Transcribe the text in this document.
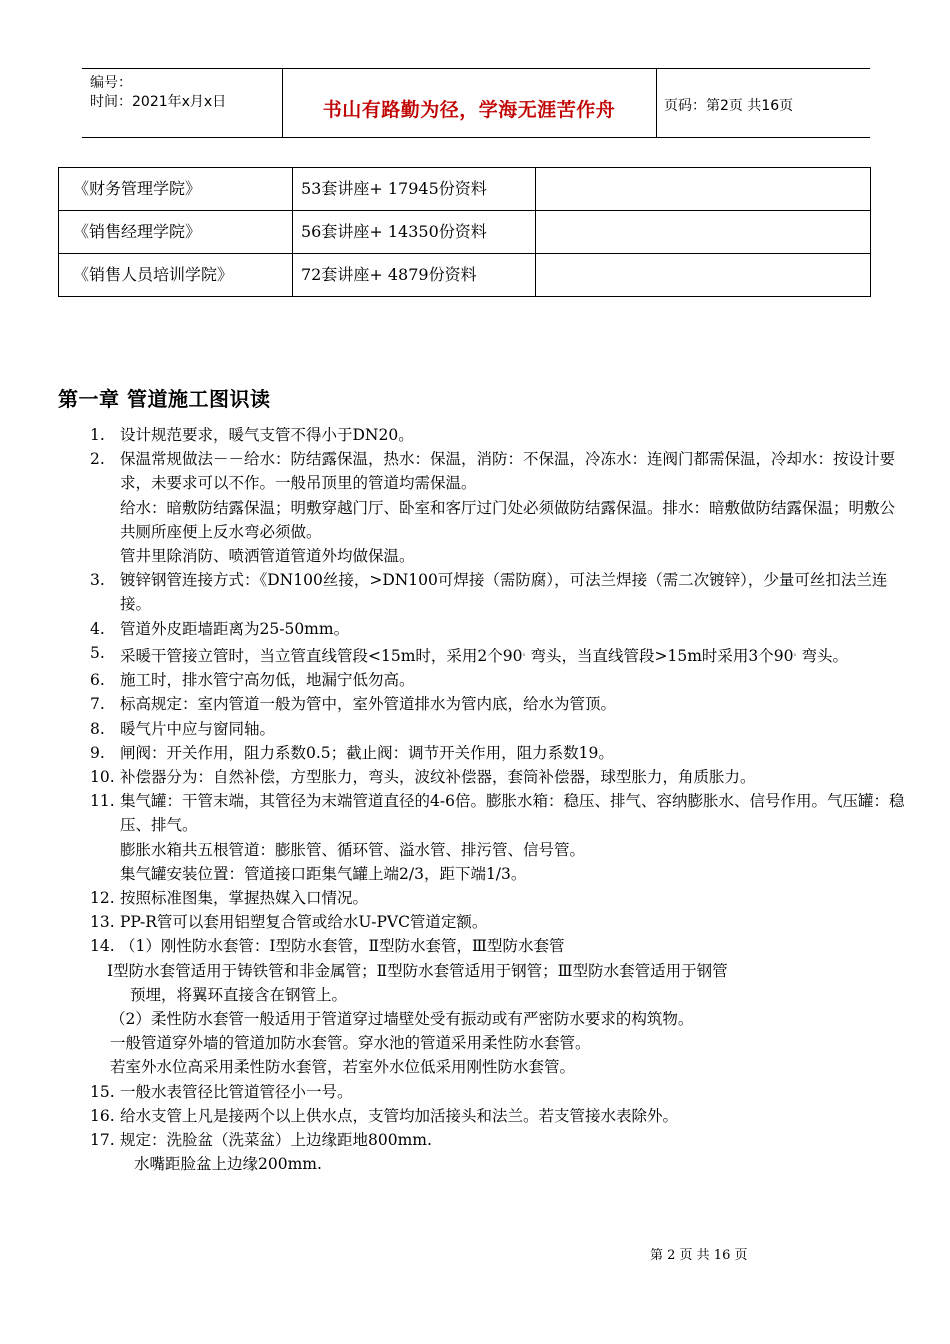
编号：
时间：2021年x月x日	书山有路勤为径，学海无涯苦作舟	页码：第2页 共16页
《财务管理学院》	53套讲座+ 17945份资料	
《销售经理学院》	56套讲座+ 14350份资料	
《销售人员培训学院》	72套讲座+ 4879份资料	
第一章 管道施工图识读
1. 设计规范要求，暖气支管不得小于DN20。
2. 保温常规做法－－给水：防结露保温，热水：保温，消防：不保温，冷冻水：连阀门都需保温，冷却水：按设计要求，未要求可以不作。一般吊顶里的管道均需保温。
给水：暗敷防结露保温；明敷穿越门厅、卧室和客厅过门处必须做防结露保温。排水：暗敷做防结露保温；明敷公共厕所座便上反水弯必须做。
管井里除消防、喷洒管道管道外均做保温。
3. 镀锌钢管连接方式：《DN100丝接，>DN100可焊接（需防腐），可法兰焊接（需二次镀锌），少量可丝扣法兰连接。
4. 管道外皮距墙距离为25-50mm。
5. 采暖干管接立管时，当立管直线管段<15m时，采用2个90。弯头，当直线管段>15m时采用3个90。弯头。
6. 施工时，排水管宁高勿低，地漏宁低勿高。
7. 标高规定：室内管道一般为管中，室外管道排水为管内底，给水为管顶。
8. 暖气片中应与窗同轴。
9. 闸阀：开关作用，阻力系数0.5；截止阀：调节开关作用，阻力系数19。
10. 补偿器分为：自然补偿，方型胀力，弯头，波纹补偿器，套筒补偿器，球型胀力，角质胀力。
11. 集气罐：干管末端，其管径为末端管道直径的4-6倍。膨胀水箱：稳压、排气、容纳膨胀水、信号作用。气压罐：稳压、排气。
膨胀水箱共五根管道：膨胀管、循环管、溢水管、排污管、信号管。
集气罐安装位置：管道接口距集气罐上端2/3，距下端1/3。
12. 按照标准图集，掌握热媒入口情况。
13. PP-R管可以套用铝塑复合管或给水U-PVC管道定额。
14. （1）刚性防水套管：Ⅰ型防水套管，Ⅱ型防水套管，Ⅲ型防水套管
Ⅰ型防水套管适用于铸铁管和非金属管；Ⅱ型防水套管适用于钢管；Ⅲ型防水套管适用于钢管
预埋，将翼环直接含在钢管上。
（2）柔性防水套管一般适用于管道穿过墙壁处受有振动或有严密防水要求的构筑物。
一般管道穿外墙的管道加防水套管。穿水池的管道采用柔性防水套管。
若室外水位高采用柔性防水套管，若室外水位低采用刚性防水套管。
15. 一般水表管径比管道管径小一号。
16. 给水支管上凡是接两个以上供水点，支管均加活接头和法兰。若支管接水表除外。
17. 规定：洗脸盆（洗菜盆）上边缘距地800mm.
水嘴距脸盆上边缘200mm.
第 2 页 共 16 页
